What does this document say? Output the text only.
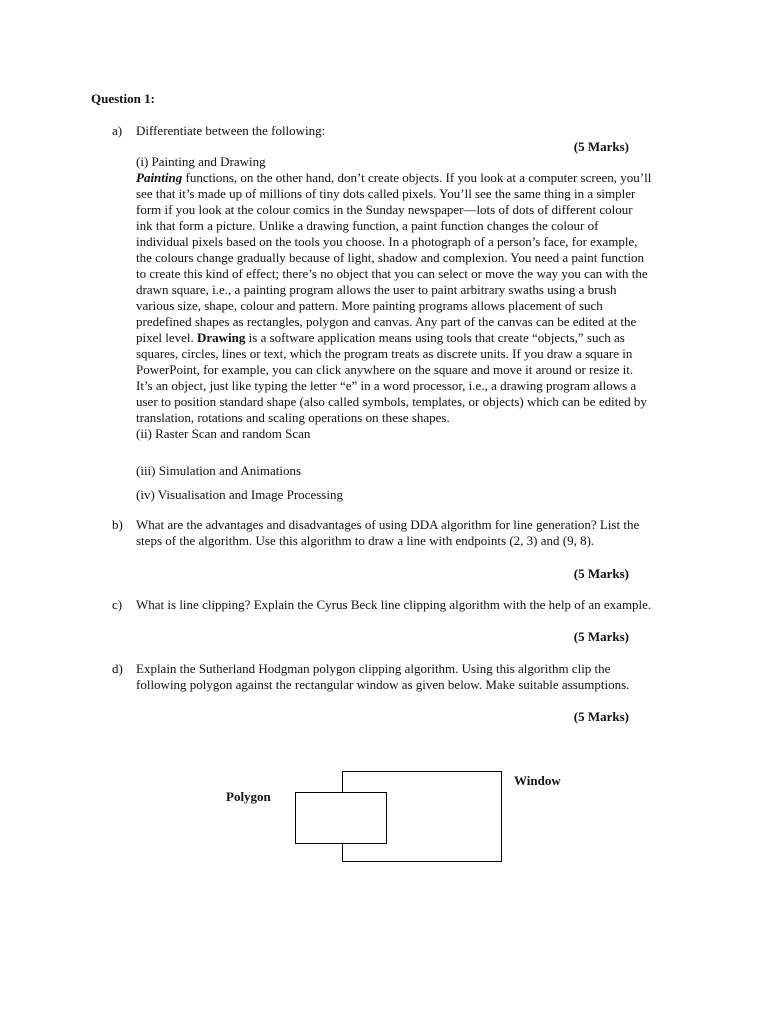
Question 1:
a) Differentiate between the following:
(5 Marks)
(i) Painting and Drawing

Painting functions, on the other hand, don’t create objects. If you look at a computer screen, you’ll see that it’s made up of millions of tiny dots called pixels. You’ll see the same thing in a simpler form if you look at the colour comics in the Sunday newspaper—lots of dots of different colour ink that form a picture. Unlike a drawing function, a paint function changes the colour of individual pixels based on the tools you choose. In a photograph of a person’s face, for example, the colours change gradually because of light, shadow and complexion. You need a paint function to create this kind of effect; there’s no object that you can select or move the way you can with the drawn square, i.e., a painting program allows the user to paint arbitrary swaths using a brush various size, shape, colour and pattern. More painting programs allows placement of such predefined shapes as rectangles, polygon and canvas. Any part of the canvas can be edited at the pixel level. Drawing is a software application means using tools that create “objects,” such as squares, circles, lines or text, which the program treats as discrete units. If you draw a square in PowerPoint, for example, you can click anywhere on the square and move it around or resize it. It’s an object, just like typing the letter “e” in a word processor, i.e., a drawing program allows a user to position standard shape (also called symbols, templates, or objects) which can be edited by translation, rotations and scaling operations on these shapes.

(ii) Raster Scan and random Scan
(iii) Simulation and Animations
(iv) Visualisation and Image Processing
b) What are the advantages and disadvantages of using DDA algorithm for line generation? List the steps of the algorithm. Use this algorithm to draw a line with endpoints (2, 3) and (9, 8).
(5 Marks)
c) What is line clipping? Explain the Cyrus Beck line clipping algorithm with the help of an example.
(5 Marks)
d) Explain the Sutherland Hodgman polygon clipping algorithm. Using this algorithm clip the following polygon against the rectangular window as given below. Make suitable assumptions.
(5 Marks)
Window
Polygon
